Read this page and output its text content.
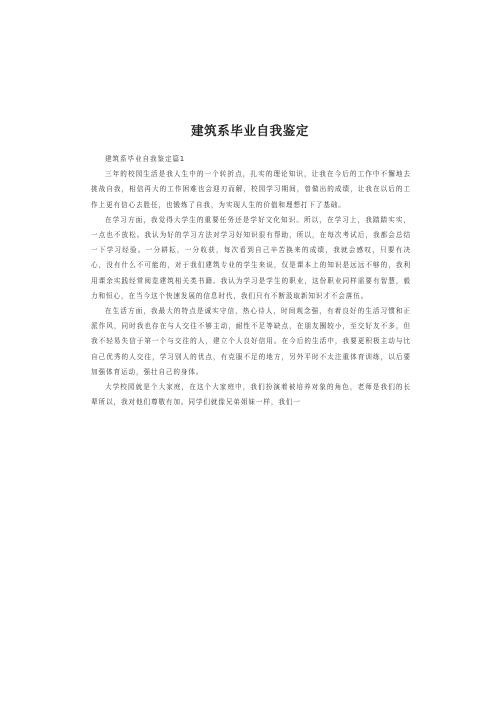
建筑系毕业自我鉴定

建筑系毕业自我鉴定篇1

三年的校园生活是我人生中的一个转折点，扎实的理论知识，让我在今后的工作中不懈地去挑战自我，相信再大的工作困难也会迎刃而解，校园学习期间，曾做出的成绩，让我在以后的工作上更有信心去胜任，也锻炼了自我，为实现人生的价值和理想打下了基础。

在学习方面，我觉得大学生的重要任务还是学好文化知识。所以，在学习上，我踏踏实实，一点也不放松。我认为好的学习方法对学习好知识很有帮助，所以，在每次考试后，我都会总结一下学习经验。一分耕耘，一分收获，每次看到自己辛苦换来的成绩，我就会感叹，只要有决心，没有什么不可能的，对于我们建筑专业的学生来说，仅是课本上的知识是远远不够的，我利用课余实践经常阅览建筑相关类书籍。我认为学习是学生的职业，这份职业同样需要有智慧，毅力和恒心，在当今这个快速发展的信息时代，我们只有不断汲取新知识才不会落伍。

在生活方面，我最大的特点是诚实守信，热心待人，时间观念强，有着良好的生活习惯和正派作风，同时我也存在与人交往不够主动，耐性不足等缺点，在朋友圈较小，至交好友不多，但我不轻易失信于第一个与交往的人，建立个人良好信用。在今后的生活中，我要更积极主动与比自己优秀的人交往，学习别人的优点，有克服不足的地方，另外平时不太注重体育训练，以后要加强体育运动，强壮自己的身体。

大学校园就是个大家庭，在这个大家庭中，我们扮演着被培养对象的角色，老师是我们的长辈所以，我对他们尊敬有加。同学们就像兄弟姐妹一样，我们一
